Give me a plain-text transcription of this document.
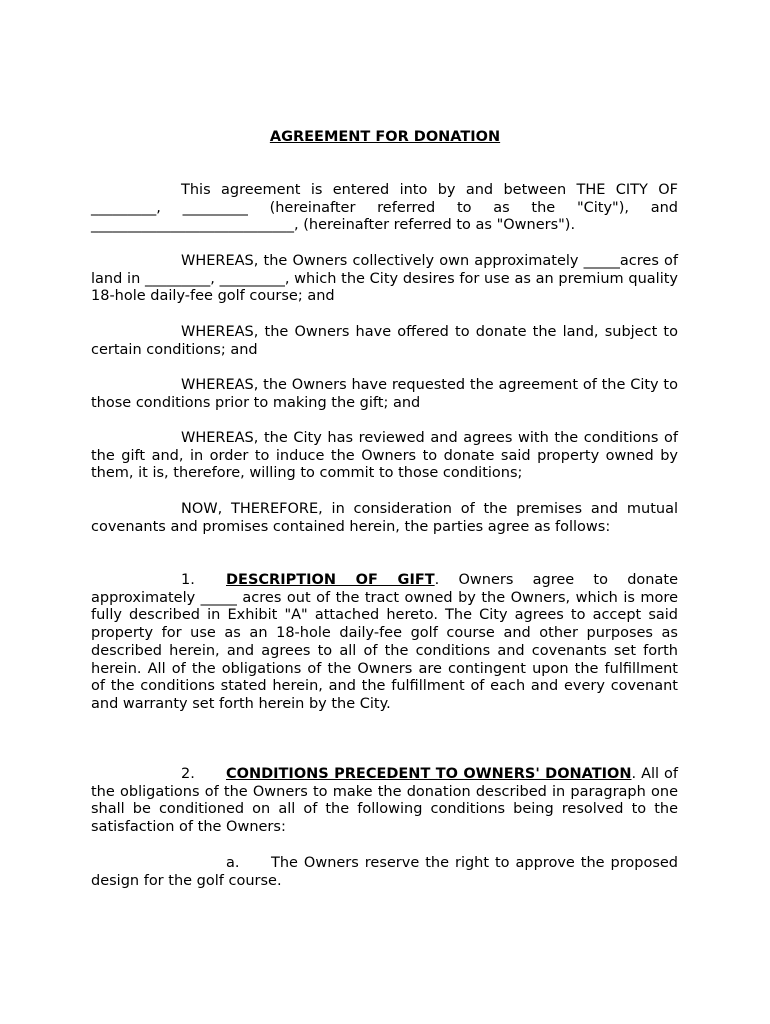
AGREEMENT FOR DONATION

This agreement is entered into by and between THE CITY OF _________, _________ (hereinafter referred to as the "City"), and ____________________________, (hereinafter referred to as "Owners").

WHEREAS, the Owners collectively own approximately _____acres of land in _________, _________, which the City desires for use as an premium quality 18-hole daily-fee golf course; and

WHEREAS, the Owners have offered to donate the land, subject to certain conditions; and

WHEREAS, the Owners have requested the agreement of the City to those conditions prior to making the gift; and

WHEREAS, the City has reviewed and agrees with the conditions of the gift and, in order to induce the Owners to donate said property owned by them, it is, therefore, willing to commit to those conditions;

NOW, THEREFORE, in consideration of the premises and mutual covenants and promises contained herein, the parties agree as follows:

1. DESCRIPTION OF GIFT. Owners agree to donate approximately _____ acres out of the tract owned by the Owners, which is more fully described in Exhibit "A" attached hereto. The City agrees to accept said property for use as an 18-hole daily-fee golf course and other purposes as described herein, and agrees to all of the conditions and covenants set forth herein. All of the obligations of the Owners are contingent upon the fulfillment of the conditions stated herein, and the fulfillment of each and every covenant and warranty set forth herein by the City.

2. CONDITIONS PRECEDENT TO OWNERS' DONATION. All of the obligations of the Owners to make the donation described in paragraph one shall be conditioned on all of the following conditions being resolved to the satisfaction of the Owners:

a. The Owners reserve the right to approve the proposed design for the golf course.
